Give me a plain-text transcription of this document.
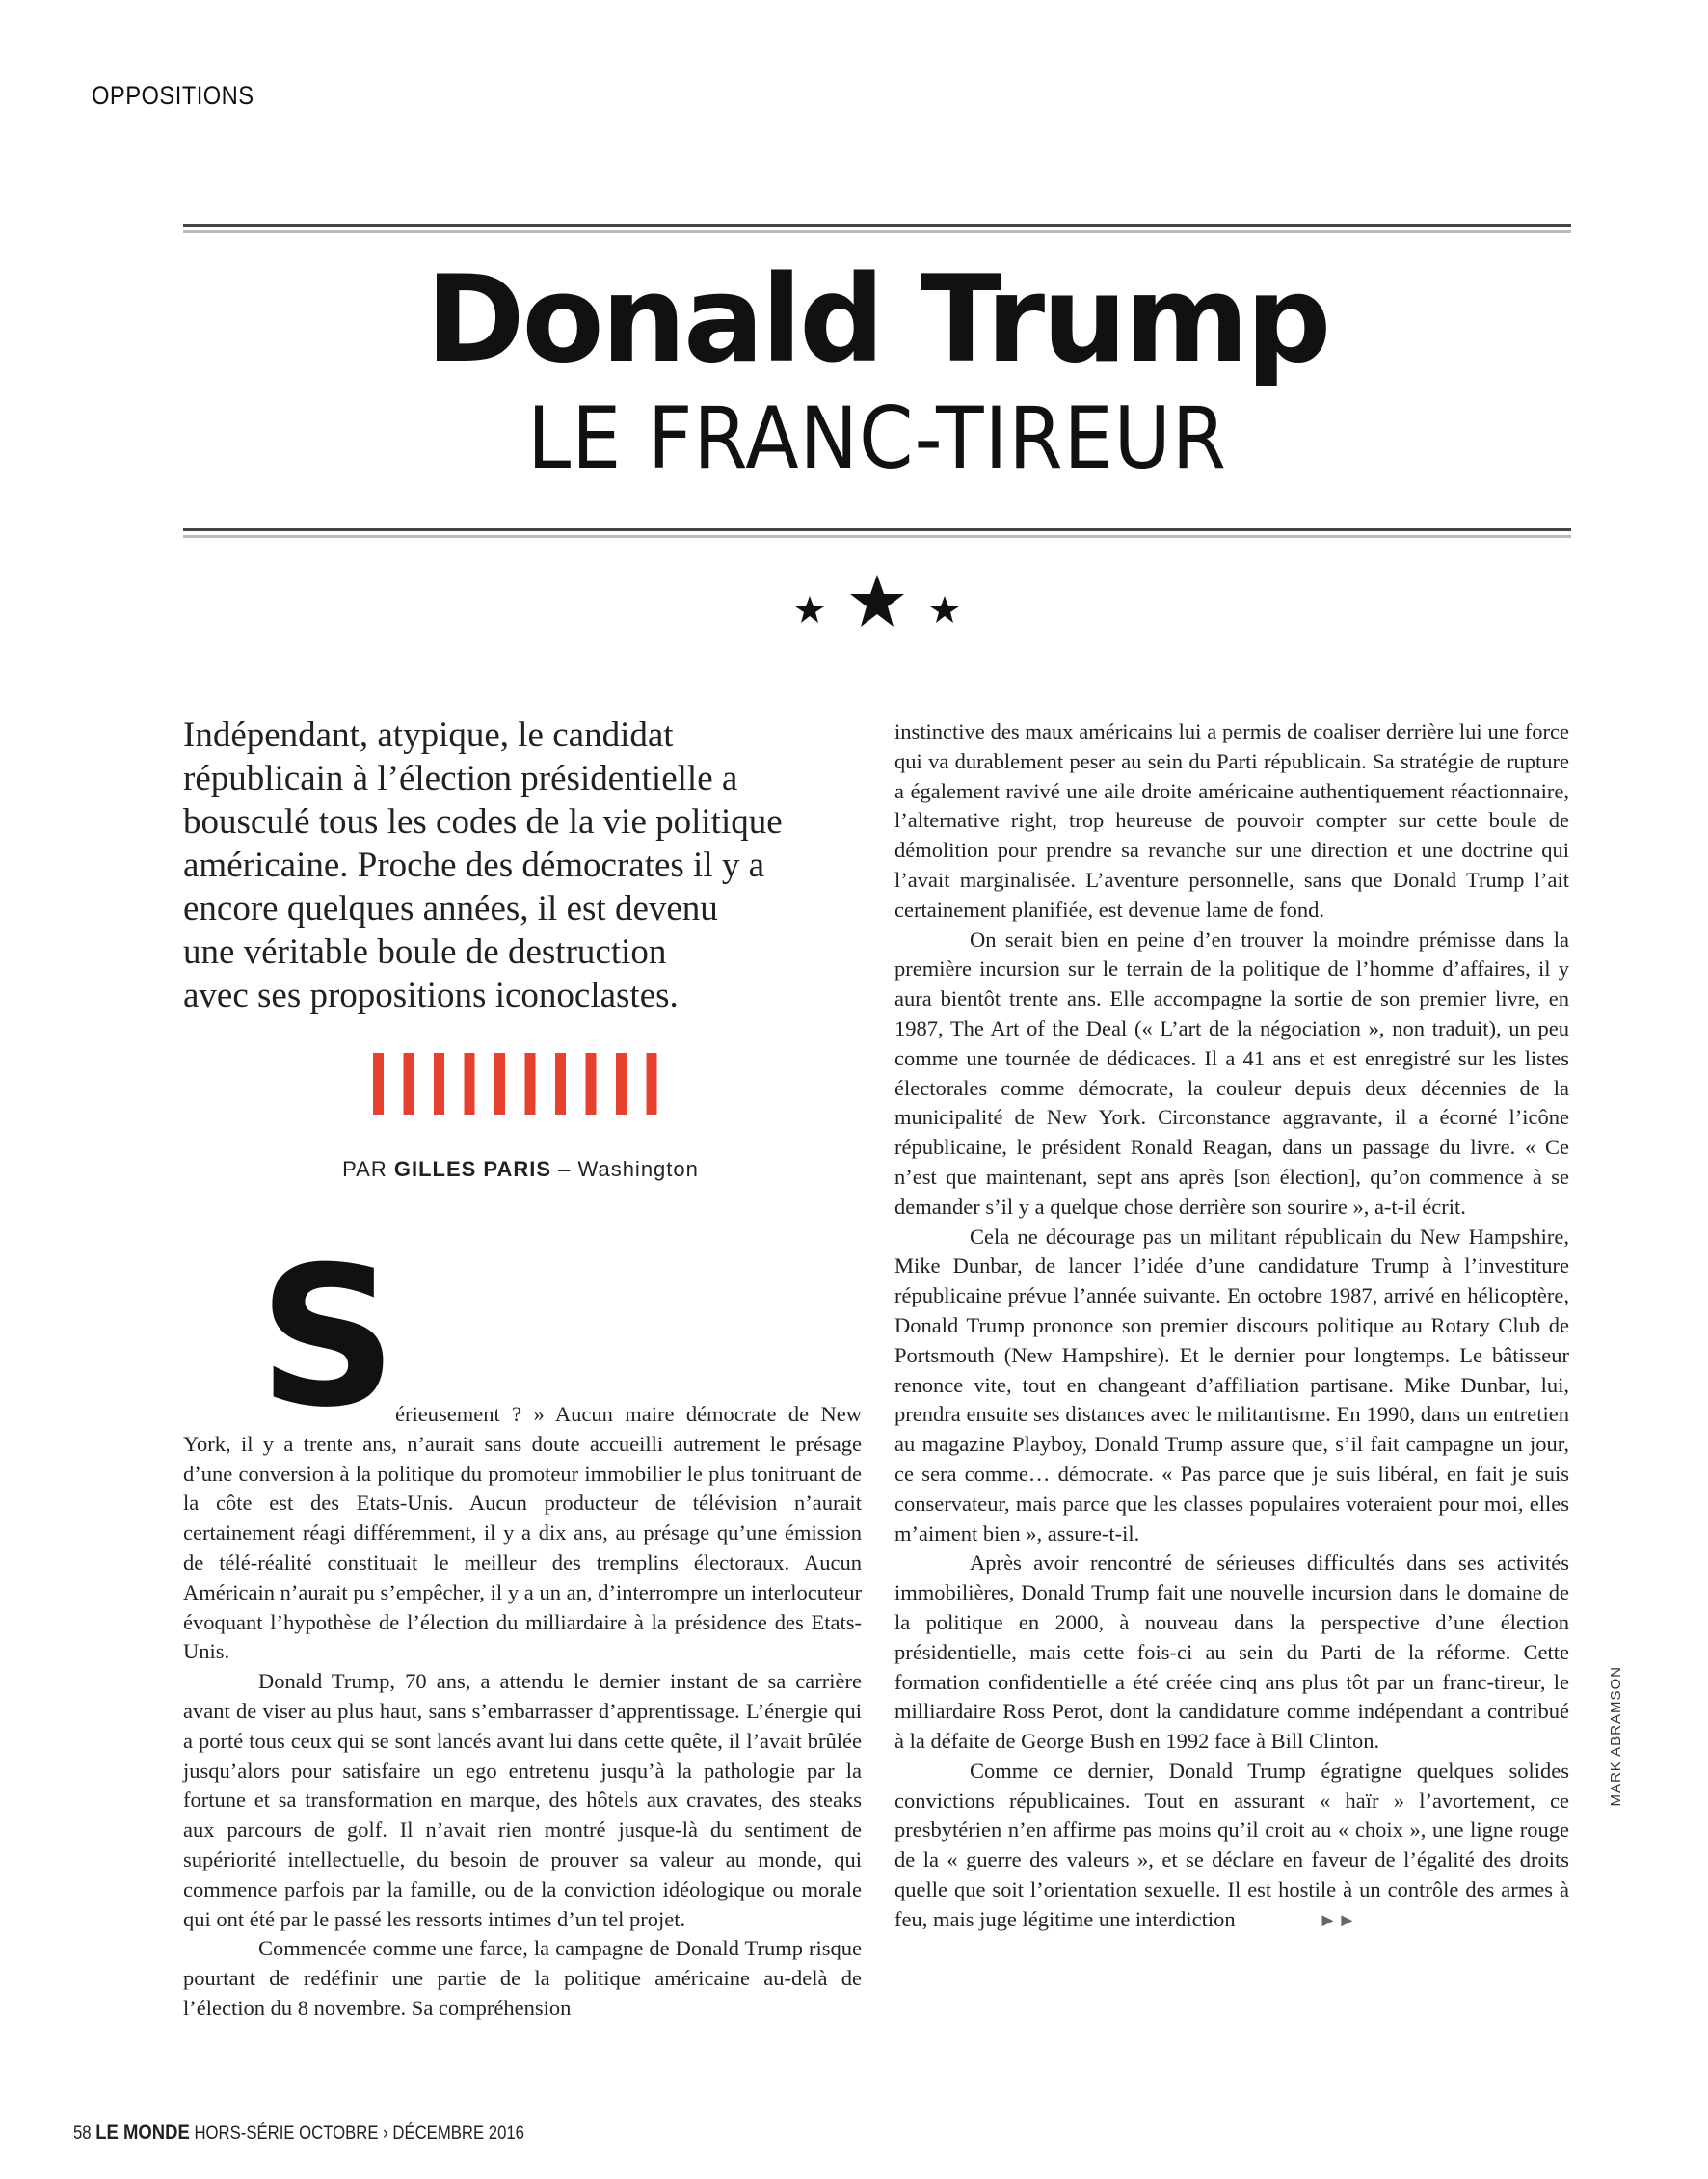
OPPOSITIONS
Donald Trump
LE FRANC-TIREUR

Indépendant, atypique, le candidat
républicain à l’élection présidentielle a
bousculé tous les codes de la vie politique
américaine. Proche des démocrates il y a
encore quelques années, il est devenu
une véritable boule de destruction
avec ses propositions iconoclastes.

PAR GILLES PARIS – Washington
S

érieusement ? » Aucun maire démocrate de New York, il y a trente ans, n’aurait sans doute accueilli autrement le présage d’une conversion à la politique du promoteur immobilier le plus tonitruant de la côte est des Etats-Unis. Aucun producteur de télévision n’aurait certainement réagi différemment, il y a dix ans, au présage qu’une émission de télé-réalité constituait le meilleur des tremplins électoraux. Aucun Américain n’aurait pu s’empêcher, il y a un an, d’interrompre un interlocuteur évoquant l’hypothèse de l’élection du milliardaire à la présidence des Etats-Unis.

Donald Trump, 70 ans, a attendu le dernier instant de sa carrière avant de viser au plus haut, sans s’embarrasser d’apprentissage. L’énergie qui a porté tous ceux qui se sont lancés avant lui dans cette quête, il l’avait brûlée jusqu’alors pour satisfaire un ego entretenu jusqu’à la pathologie par la fortune et sa transformation en marque, des hôtels aux cravates, des steaks aux parcours de golf. Il n’avait rien montré jusque-là du sentiment de supériorité intellectuelle, du besoin de prouver sa valeur au monde, qui commence parfois par la famille, ou de la conviction idéologique ou morale qui ont été par le passé les ressorts intimes d’un tel projet.

Commencée comme une farce, la campagne de Donald Trump risque pourtant de redéfinir une partie de la politique américaine au-delà de l’élection du 8 novembre. Sa compréhension

instinctive des maux américains lui a permis de coaliser derrière lui une force qui va durablement peser au sein du Parti républicain. Sa stratégie de rupture a également ravivé une aile droite américaine authentiquement réactionnaire, l’alternative right, trop heureuse de pouvoir compter sur cette boule de démolition pour prendre sa revanche sur une direction et une doctrine qui l’avait marginalisée. L’aventure personnelle, sans que Donald Trump l’ait certainement planifiée, est devenue lame de fond.

On serait bien en peine d’en trouver la moindre prémisse dans la première incursion sur le terrain de la politique de l’homme d’affaires, il y aura bientôt trente ans. Elle accompagne la sortie de son premier livre, en 1987, The Art of the Deal (« L’art de la négociation », non traduit), un peu comme une tournée de dédicaces. Il a 41 ans et est enregistré sur les listes électorales comme démocrate, la couleur depuis deux décennies de la municipalité de New York. Circonstance aggravante, il a écorné l’icône républicaine, le président Ronald Reagan, dans un passage du livre. « Ce n’est que maintenant, sept ans après [son élection], qu’on commence à se demander s’il y a quelque chose derrière son sourire », a-t-il écrit.

Cela ne décourage pas un militant républicain du New Hampshire, Mike Dunbar, de lancer l’idée d’une candidature Trump à l’investiture républicaine prévue l’année suivante. En octobre 1987, arrivé en hélicoptère, Donald Trump prononce son premier discours politique au Rotary Club de Portsmouth (New Hampshire). Et le dernier pour longtemps. Le bâtisseur renonce vite, tout en changeant d’affiliation partisane. Mike Dunbar, lui, prendra ensuite ses distances avec le militantisme. En 1990, dans un entretien au magazine Playboy, Donald Trump assure que, s’il fait campagne un jour, ce sera comme… démocrate. « Pas parce que je suis libéral, en fait je suis conservateur, mais parce que les classes populaires voteraient pour moi, elles m’aiment bien », assure-t-il.

Après avoir rencontré de sérieuses difficultés dans ses activités immobilières, Donald Trump fait une nouvelle incursion dans le domaine de la politique en 2000, à nouveau dans la perspective d’une élection présidentielle, mais cette fois-ci au sein du Parti de la réforme. Cette formation confidentielle a été créée cinq ans plus tôt par un franc-tireur, le milliardaire Ross Perot, dont la candidature comme indépendant a contribué à la défaite de George Bush en 1992 face à Bill Clinton.

Comme ce dernier, Donald Trump égratigne quelques solides convictions républicaines. Tout en assurant « haïr » l’avortement, ce presbytérien n’en affirme pas moins qu’il croit au « choix », une ligne rouge de la « guerre des valeurs », et se déclare en faveur de l’égalité des droits quelle que soit l’orientation sexuelle. Il est hostile à un contrôle des armes à feu, mais juge légitime une interdiction	►►

MARK ABRAMSON
58 LE MONDE HORS-SÉRIE OCTOBRE › DÉCEMBRE 2016
